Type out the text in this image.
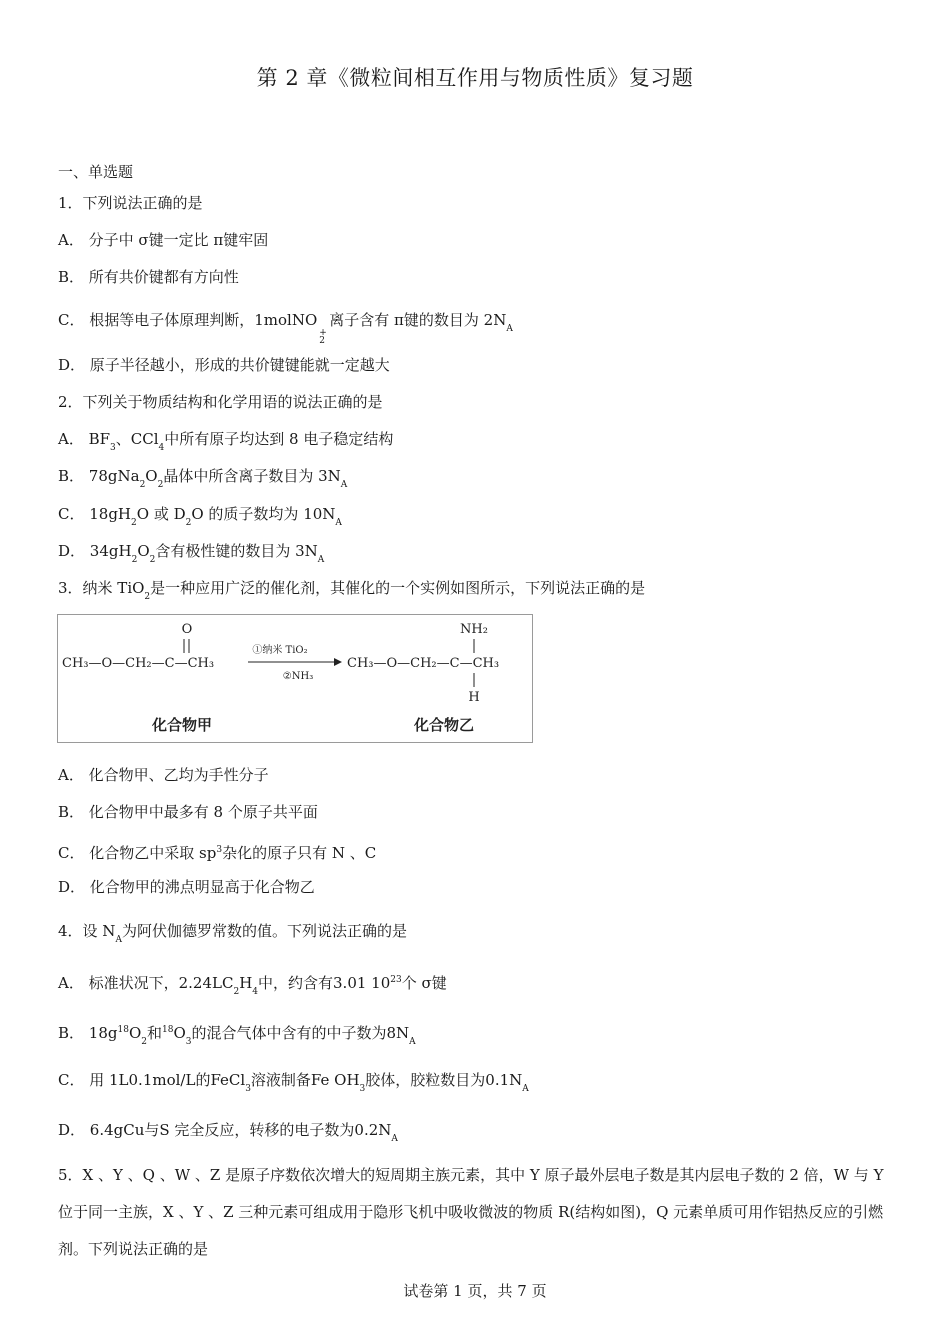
第 2 章《微粒间相互作用与物质性质》复习题
一、单选题
1．下列说法正确的是
A． 分子中 σ键一定比 π键牢固
B． 所有共价键都有方向性
C． 根据等电子体原理判断，1molNO
+
2
离子含有 π键的数目为 $2N_A$
D． 原子半径越小，形成的共价键键能就一定越大
2．下列关于物质结构和化学用语的说法正确的是
A． $BF_3$、CCl$_4$中所有原子均达到 8 电子稳定结构
B． $78gNa_2O_2$晶体中所含离子数目为 $3N_A$
C． $18gH_2O$ 或 $D_2O$ 的质子数均为 $10N_A$
D． $34gH_2O_2$含有极性键的数目为 $3N_A$
3．纳米 TiO$_2$是一种应用广泛的催化剂，其催化的一个实例如图所示，下列说法正确的是
O
CH₃—O—CH₂—C—CH₃
①纳米 TiO₂
②NH₃
NH₂
CH₃—O—CH₂—C—CH₃
H
化合物甲	化合物乙
A． 化合物甲、乙均为手性分子
B． 化合物甲中最多有 8 个原子共平面
C． 化合物乙中采取 $sp^3$杂化的原子只有 N 、C
D． 化合物甲的沸点明显高于化合物乙
4．设 $N_A$为阿伏伽德罗常数的值。下列说法正确的是
A． 标准状况下，$2.24LC_2H_4$中，约含有3.01 $10^{23}$个 σ键
B． $18g^{18}O_2$和$^{18}O_3$的混合气体中含有的中子数为$8N_A$
C． 用 1L0.1mol/L的FeCl$_3$溶液制备Fe $OH_3$胶体，胶粒数目为$0.1N_A$
D． 6.4gCu与S 完全反应，转移的电子数为$0.2N_A$
5．X 、Y 、Q 、W 、Z 是原子序数依次增大的短周期主族元素，其中 Y 原子最外层电子数是其内层电子数的 2 倍，W 与 Y 位于同一主族，X 、Y 、Z 三种元素可组成用于隐形飞机中吸收微波的物质 R(结构如图)，Q 元素单质可用作铝热反应的引燃剂。下列说法正确的是
试卷第 1 页，共 7 页
